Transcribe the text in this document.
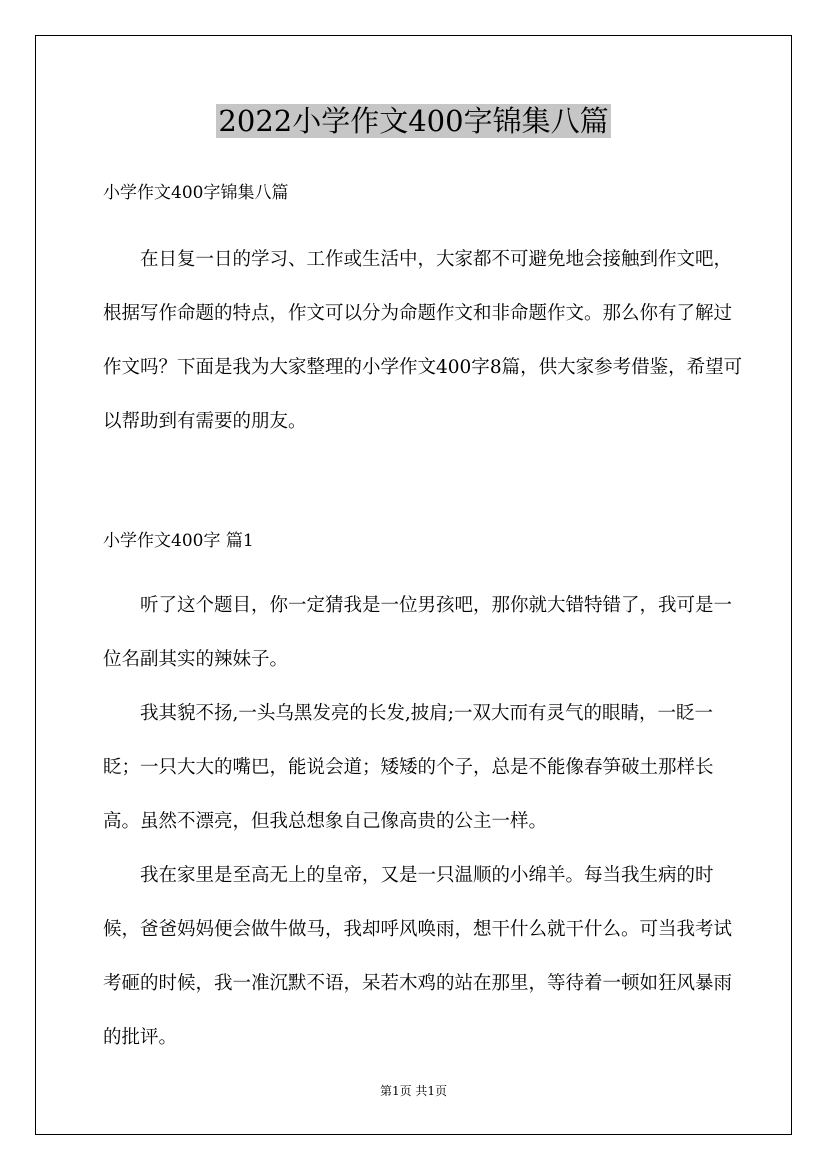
2022小学作文400字锦集八篇

小学作文400字锦集八篇

在日复一日的学习、工作或生活中，大家都不可避免地会接触到作文吧，根据写作命题的特点，作文可以分为命题作文和非命题作文。那么你有了解过作文吗？下面是我为大家整理的小学作文400字8篇，供大家参考借鉴，希望可以帮助到有需要的朋友。

小学作文400字 篇1

听了这个题目，你一定猜我是一位男孩吧，那你就大错特错了，我可是一位名副其实的辣妹子。

我其貌不扬,一头乌黑发亮的长发,披肩;一双大而有灵气的眼睛，一眨一眨；一只大大的嘴巴，能说会道；矮矮的个子，总是不能像春笋破土那样长高。虽然不漂亮，但我总想象自己像高贵的公主一样。

我在家里是至高无上的皇帝，又是一只温顺的小绵羊。每当我生病的时候，爸爸妈妈便会做牛做马，我却呼风唤雨，想干什么就干什么。可当我考试考砸的时候，我一准沉默不语，呆若木鸡的站在那里，等待着一顿如狂风暴雨的批评。

第1页 共1页
